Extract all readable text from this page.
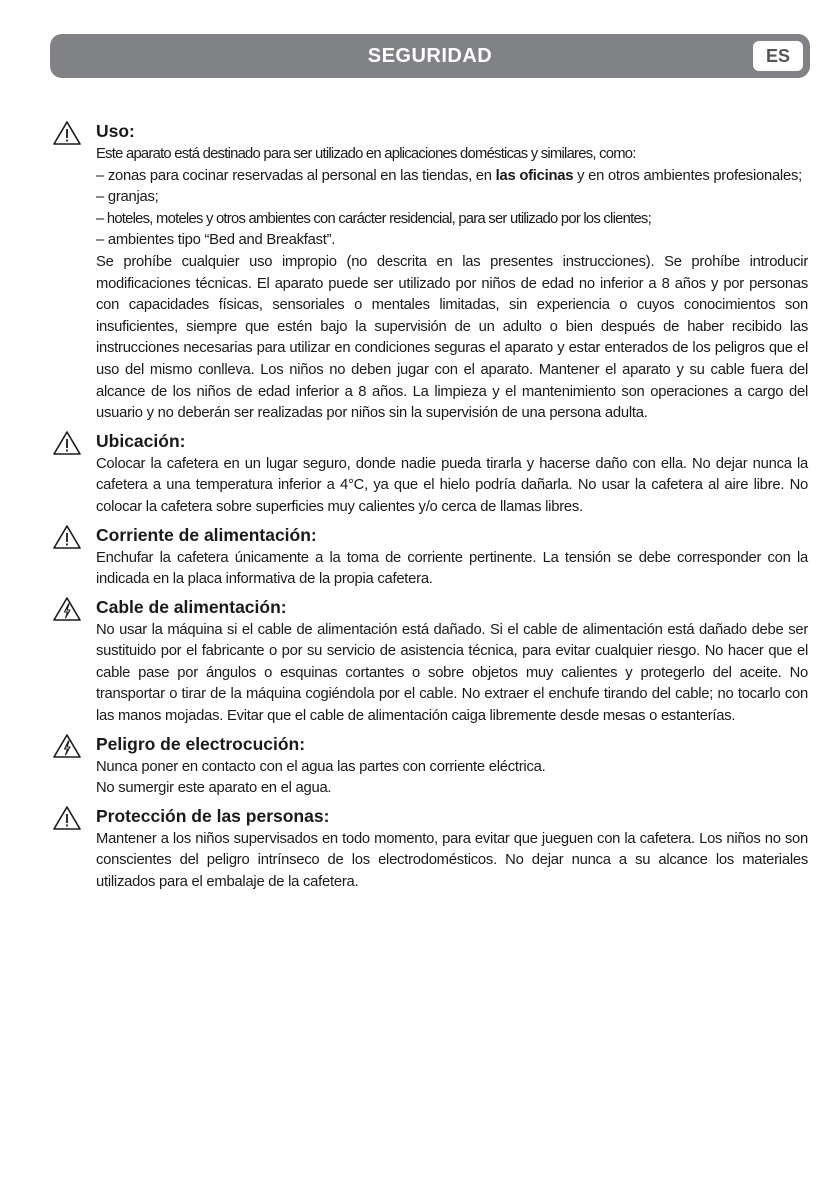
SEGURIDAD	ES
Uso:
Este aparato está destinado para ser utilizado en aplicaciones domésticas y similares, como:
– zonas para cocinar reservadas al personal en las tiendas, en las oficinas y en otros ambientes profesionales;
– granjas;
– hoteles, moteles y otros ambientes con carácter residencial, para ser utilizado por los clientes;
– ambientes tipo “Bed and Breakfast”.
Se prohíbe cualquier uso impropio (no descrita en las presentes instrucciones). Se prohíbe introducir modificaciones técnicas. El aparato puede ser utilizado por niños de edad no inferior a 8 años y por personas con capacidades físicas, sensoriales o mentales limitadas, sin experiencia o cuyos conocimientos son insuficientes, siempre que estén bajo la supervisión de un adulto o bien después de haber recibido las instrucciones necesarias para utilizar en condiciones seguras el aparato y estar enterados de los peligros que el uso del mismo conlleva. Los niños no deben jugar con el aparato. Mantener el aparato y su cable fuera del alcance de los niños de edad inferior a 8 años. La limpieza y el mantenimiento son operaciones a cargo del usuario y no deberán ser realizadas por niños sin la supervisión de una persona adulta.
Ubicación:
Colocar la cafetera en un lugar seguro, donde nadie pueda tirarla y hacerse daño con ella. No dejar nunca la cafetera a una temperatura inferior a 4°C, ya que el hielo podría dañarla. No usar la cafetera al aire libre. No colocar la cafetera sobre superficies muy calientes y/o cerca de llamas libres.
Corriente de alimentación:
Enchufar la cafetera únicamente a la toma de corriente pertinente. La tensión se debe corresponder con la indicada en la placa informativa de la propia cafetera.
Cable de alimentación:
No usar la máquina si el cable de alimentación está dañado. Si el cable de alimentación está dañado debe ser sustituido por el fabricante o por su servicio de asistencia técnica, para evitar cualquier riesgo. No hacer que el cable pase por ángulos o esquinas cortantes o sobre objetos muy calientes y protegerlo del aceite. No transportar o tirar de la máquina cogiéndola por el cable. No extraer el enchufe tirando del cable; no tocarlo con las manos mojadas. Evitar que el cable de alimentación caiga libremente desde mesas o estanterías.
Peligro de electrocución:
Nunca poner en contacto con el agua las partes con corriente eléctrica.
No sumergir este aparato en el agua.
Protección de las personas:
Mantener a los niños supervisados en todo momento, para evitar que jueguen con la cafetera. Los niños no son conscientes del peligro intrínseco de los electrodomésticos. No dejar nunca a su alcance los materiales utilizados para el embalaje de la cafetera.
